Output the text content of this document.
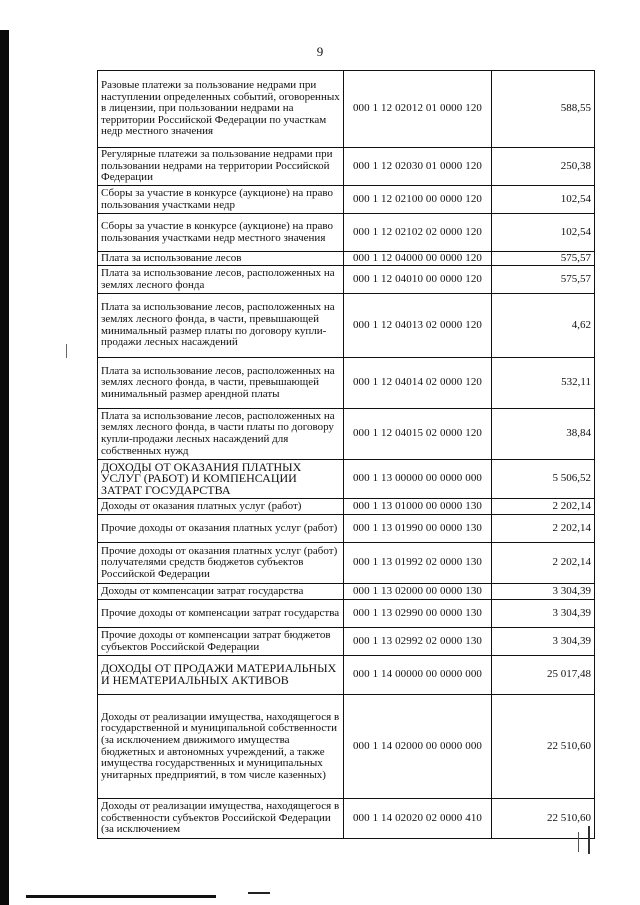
9
Разовые платежи за пользование недрами при наступлении определенных событий, оговоренных в лицензии, при пользовании недрами на территории Российской Федерации по участкам недр местного значения	000 1 12 02012 01 0000 120	588,55
Регулярные платежи за пользование недрами при пользовании недрами на территории Российской Федерации	000 1 12 02030 01 0000 120	250,38
Сборы за участие в конкурсе (аукционе) на право пользования участками недр	000 1 12 02100 00 0000 120	102,54
Сборы за участие в конкурсе (аукционе) на право пользования участками недр местного значения	000 1 12 02102 02 0000 120	102,54
Плата за использование лесов	000 1 12 04000 00 0000 120	575,57
Плата за использование лесов, расположенных на землях лесного фонда	000 1 12 04010 00 0000 120	575,57
Плата за использование лесов, расположенных на землях лесного фонда, в части, превышающей минимальный размер платы по договору купли-продажи лесных насаждений	000 1 12 04013 02 0000 120	4,62
Плата за использование лесов, расположенных на землях лесного фонда, в части, превышающей минимальный размер арендной платы	000 1 12 04014 02 0000 120	532,11
Плата за использование лесов, расположенных на землях лесного фонда, в части платы по договору купли-продажи лесных насаждений для собственных нужд	000 1 12 04015 02 0000 120	38,84
ДОХОДЫ ОТ ОКАЗАНИЯ ПЛАТНЫХ УСЛУГ (РАБОТ) И КОМПЕНСАЦИИ ЗАТРАТ ГОСУДАРСТВА	000 1 13 00000 00 0000 000	5 506,52
Доходы от оказания платных услуг (работ)	000 1 13 01000 00 0000 130	2 202,14
Прочие доходы от оказания платных услуг (работ)	000 1 13 01990 00 0000 130	2 202,14
Прочие доходы от оказания платных услуг (работ) получателями средств бюджетов субъектов Российской Федерации	000 1 13 01992 02 0000 130	2 202,14
Доходы от компенсации затрат государства	000 1 13 02000 00 0000 130	3 304,39
Прочие доходы от компенсации затрат государства	000 1 13 02990 00 0000 130	3 304,39
Прочие доходы от компенсации затрат бюджетов субъектов Российской Федерации	000 1 13 02992 02 0000 130	3 304,39
ДОХОДЫ ОТ ПРОДАЖИ МАТЕРИАЛЬНЫХ И НЕМАТЕРИАЛЬНЫХ АКТИВОВ	000 1 14 00000 00 0000 000	25 017,48
Доходы от реализации имущества, находящегося в государственной и муниципальной собственности (за исключением движимого имущества бюджетных и автономных учреждений, а также имущества государственных и муниципальных унитарных предприятий, в том числе казенных)	000 1 14 02000 00 0000 000	22 510,60
Доходы от реализации имущества, находящегося в собственности субъектов Российской Федерации (за исключением	000 1 14 02020 02 0000 410	22 510,60
